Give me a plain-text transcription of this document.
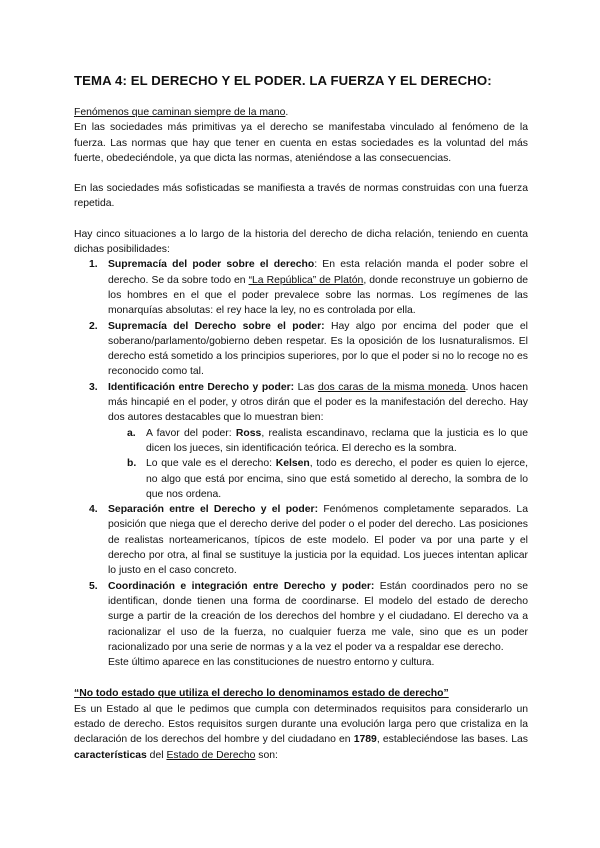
TEMA 4: EL DERECHO Y EL PODER. LA FUERZA Y EL DERECHO:

Fenómenos que caminan siempre de la mano.

En las sociedades más primitivas ya el derecho se manifestaba vinculado al fenómeno de la fuerza. Las normas que hay que tener en cuenta en estas sociedades es la voluntad del más fuerte, obedeciéndole, ya que dicta las normas, ateniéndose a las consecuencias.

En las sociedades más sofisticadas se manifiesta a través de normas construidas con una fuerza repetida.

Hay cinco situaciones a lo largo de la historia del derecho de dicha relación, teniendo en cuenta dichas posibilidades:

1. Supremacía del poder sobre el derecho: En esta relación manda el poder sobre el derecho. Se da sobre todo en “La República” de Platón, donde reconstruye un gobierno de los hombres en el que el poder prevalece sobre las normas. Los regímenes de las monarquías absolutas: el rey hace la ley, no es controlada por ella.
2. Supremacía del Derecho sobre el poder: Hay algo por encima del poder que el soberano/parlamento/gobierno deben respetar. Es la oposición de los Iusnaturalismos. El derecho está sometido a los principios superiores, por lo que el poder si no lo recoge no es reconocido como tal.
3. Identificación entre Derecho y poder: Las dos caras de la misma moneda. Unos hacen más hincapié en el poder, y otros dirán que el poder es la manifestación del derecho. Hay dos autores destacables que lo muestran bien:
a. A favor del poder: Ross, realista escandinavo, reclama que la justicia es lo que dicen los jueces, sin identificación teórica. El derecho es la sombra.
b. Lo que vale es el derecho: Kelsen, todo es derecho, el poder es quien lo ejerce, no algo que está por encima, sino que está sometido al derecho, la sombra de lo que nos ordena.
4. Separación entre el Derecho y el poder: Fenómenos completamente separados. La posición que niega que el derecho derive del poder o el poder del derecho. Las posiciones de realistas norteamericanos, típicos de este modelo. El poder va por una parte y el derecho por otra, al final se sustituye la justicia por la equidad. Los jueces intentan aplicar lo justo en el caso concreto.
5. Coordinación e integración entre Derecho y poder: Están coordinados pero no se identifican, donde tienen una forma de coordinarse. El modelo del estado de derecho surge a partir de la creación de los derechos del hombre y el ciudadano. El derecho va a racionalizar el uso de la fuerza, no cualquier fuerza me vale, sino que es un poder racionalizado por una serie de normas y a la vez el poder va a respaldar ese derecho.

Este último aparece en las constituciones de nuestro entorno y cultura.

“No todo estado que utiliza el derecho lo denominamos estado de derecho”

Es un Estado al que le pedimos que cumpla con determinados requisitos para considerarlo un estado de derecho. Estos requisitos surgen durante una evolución larga pero que cristaliza en la declaración de los derechos del hombre y del ciudadano en 1789, estableciéndose las bases. Las características del Estado de Derecho son:
